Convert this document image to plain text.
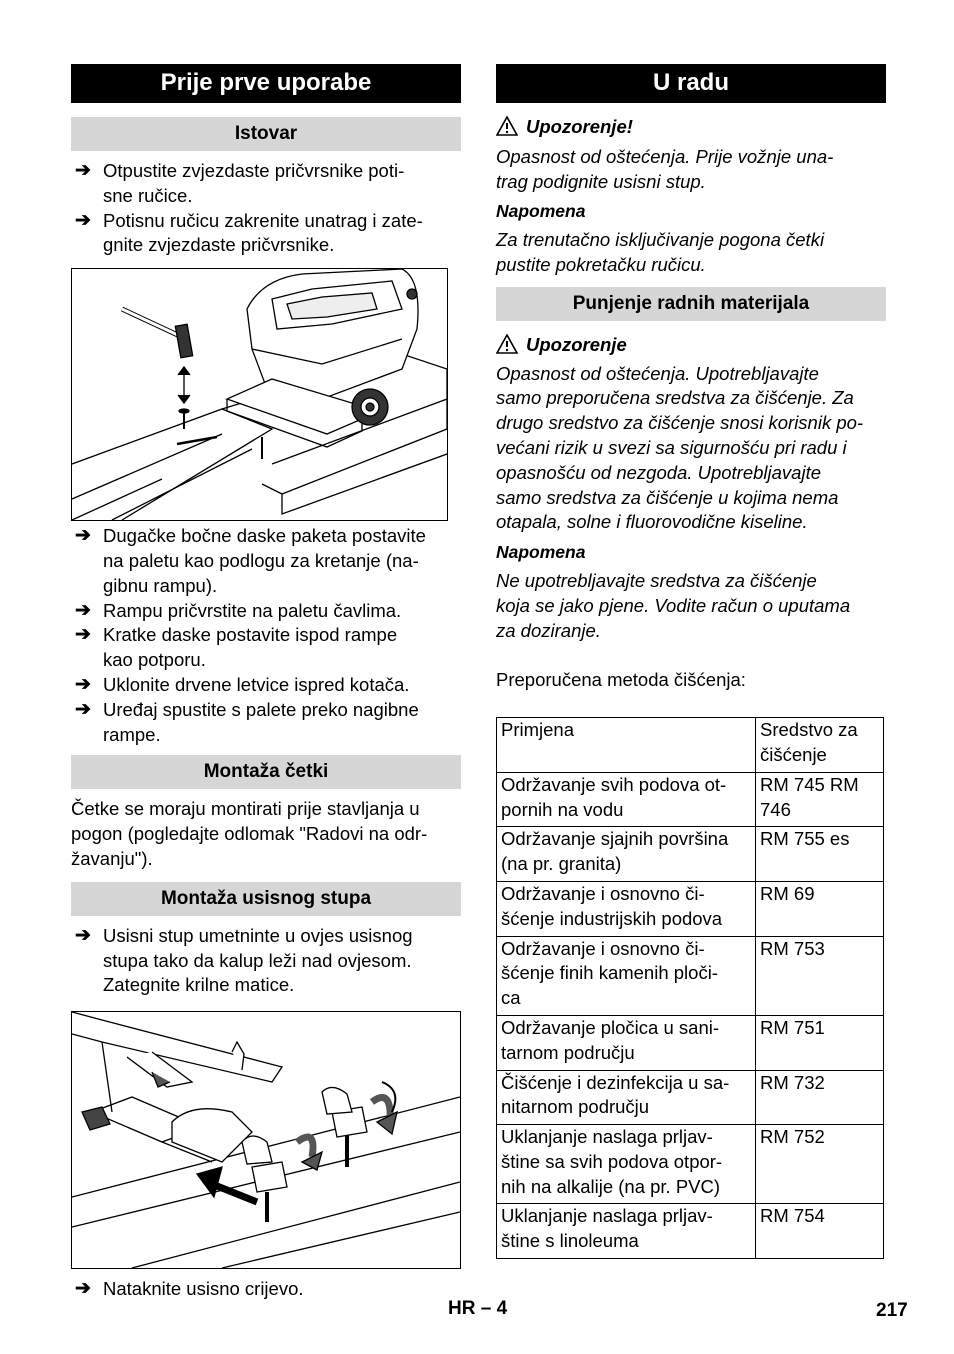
Prije prve uporabe
Istovar
➔ Otpustite zvjezdaste pričvrsnike poti-
sne ručice.
➔ Potisnu ručicu zakrenite unatrag i zate-
gnite zvjezdaste pričvrsnike.
➔ Dugačke bočne daske paketa postavite
na paletu kao podlogu za kretanje (na-
gibnu rampu).
➔ Rampu pričvrstite na paletu čavlima.
➔ Kratke daske postavite ispod rampe
kao potporu.
➔ Uklonite drvene letvice ispred kotača.
➔ Uređaj spustite s palete preko nagibne
rampe.
Montaža četki

Četke se moraju montirati prije stavljanja u
pogon (pogledajte odlomak "Radovi na odr-
žavanju").

Montaža usisnog stupa
➔ Usisni stup umetninte u ovjes usisnog
stupa tako da kalup leži nad ovjesom.
Zategnite krilne matice.
➔ Nataknite usisno crijevo.
U radu
Upozorenje!

Opasnost od oštećenja. Prije vožnje una-
trag podignite usisni stup.

Napomena

Za trenutačno isključivanje pogona četki
pustite pokretačku ručicu.

Punjenje radnih materijala
Upozorenje

Opasnost od oštećenja. Upotrebljavajte
samo preporučena sredstva za čišćenje. Za
drugo sredstvo za čišćenje snosi korisnik po-
većani rizik u svezi sa sigurnošću pri radu i
opasnošću od nezgoda. Upotrebljavajte
samo sredstva za čišćenje u kojima nema
otapala, solne i fluorovodične kiseline.

Napomena

Ne upotrebljavajte sredstva za čišćenje
koja se jako pjene. Vodite račun o uputama
za doziranje.

Preporučena metoda čišćenja:

Primjena	Sredstvo za
čišćenje
Održavanje svih podova ot-
pornih na vodu	RM 745 RM
746
Održavanje sjajnih površina
(na pr. granita)	RM 755 es
Održavanje i osnovno či-
šćenje industrijskih podova	RM 69
Održavanje i osnovno či-
šćenje finih kamenih ploči-
ca	RM 753
Održavanje pločica u sani-
tarnom području	RM 751
Čišćenje i dezinfekcija u sa-
nitarnom području	RM 732
Uklanjanje naslaga prljav-
štine sa svih podova otpor-
nih na alkalije (na pr. PVC)	RM 752
Uklanjanje naslaga prljav-
štine s linoleuma	RM 754
HR – 4	217
